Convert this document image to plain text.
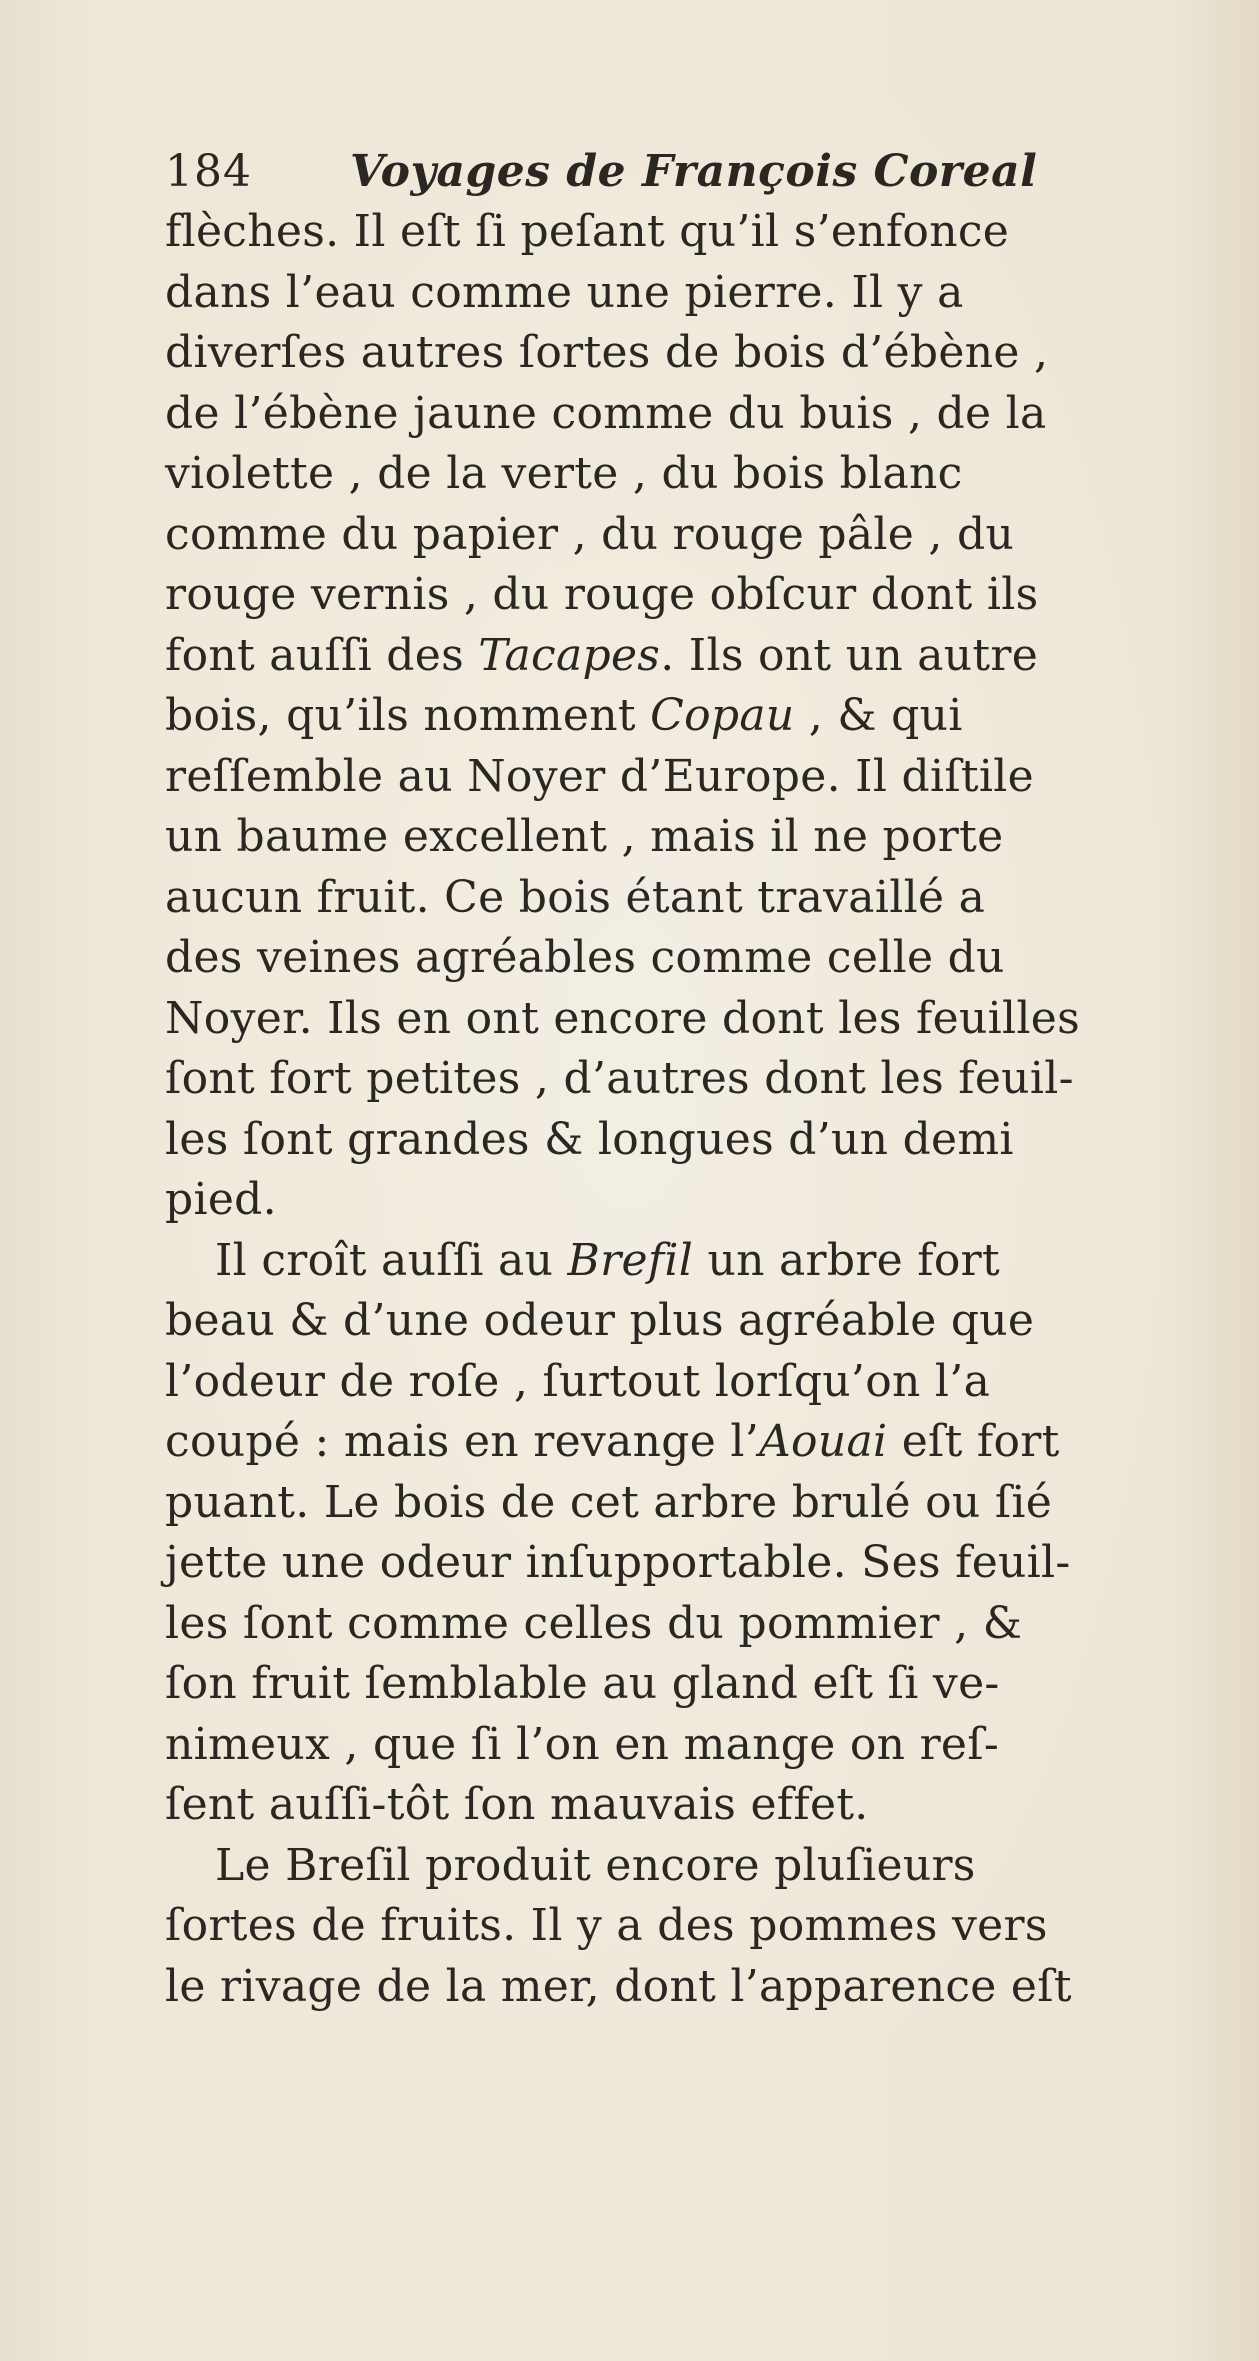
184 Voyages de François Coreal
flèches. Il eſt ſi peſant qu’il s’enfonce
dans l’eau comme une pierre. Il y a
diverſes autres ſortes de bois d’ébène ,
de l’ébène jaune comme du buis , de la
violette , de la verte , du bois blanc
comme du papier , du rouge pâle , du
rouge vernis , du rouge obſcur dont ils
font auſſi des Tacapes. Ils ont un autre
bois, qu’ils nomment Copau , & qui
reſſemble au Noyer d’Europe. Il diſtile
un baume excellent , mais il ne porte
aucun fruit. Ce bois étant travaillé a
des veines agréables comme celle du
Noyer. Ils en ont encore dont les feuilles
ſont fort petites , d’autres dont les feuil-
les ſont grandes & longues d’un demi
pied.
Il croît auſſi au Brefil un arbre fort
beau & d’une odeur plus agréable que
l’odeur de roſe , ſurtout lorſqu’on l’a
coupé : mais en revange l’Aouai eſt fort
puant. Le bois de cet arbre brulé ou ſié
jette une odeur inſupportable. Ses feuil-
les ſont comme celles du pommier , &
ſon fruit ſemblable au gland eſt ſi ve-
nimeux , que ſi l’on en mange on reſ-
ſent auſſi-tôt ſon mauvais effet.
Le Breſil produit encore pluſieurs
ſortes de fruits. Il y a des pommes vers
le rivage de la mer, dont l’apparence eſt
